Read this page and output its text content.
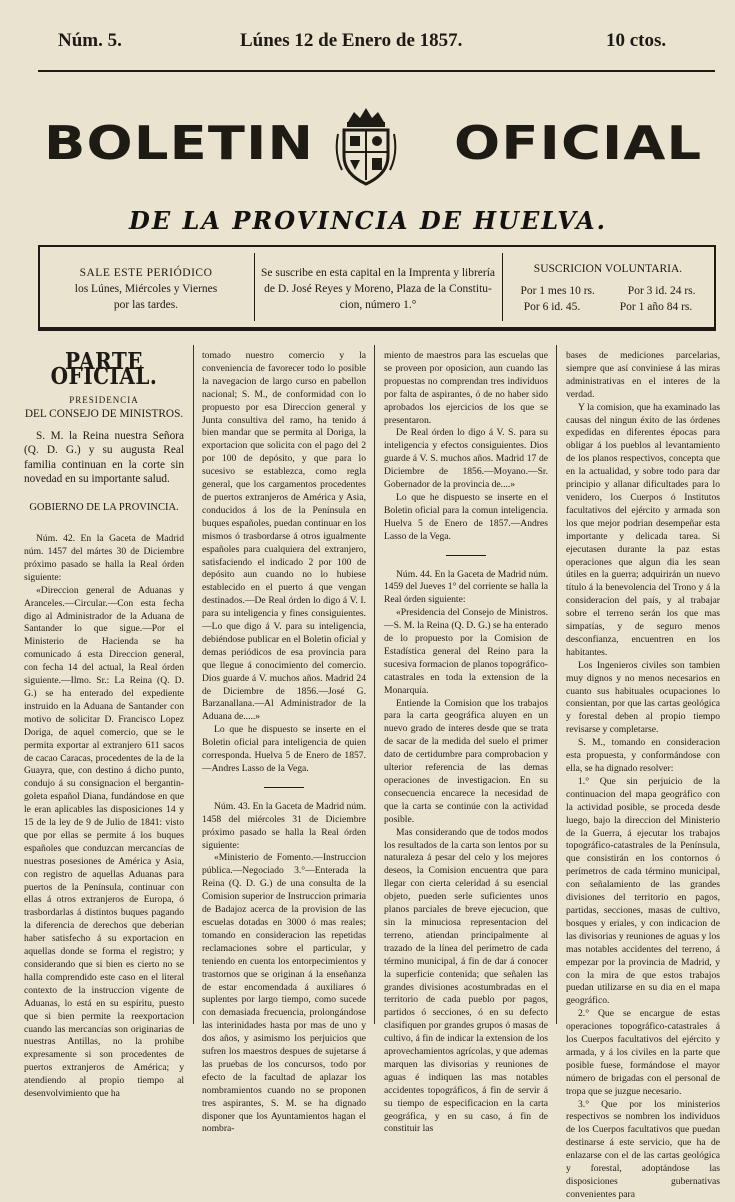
Núm. 5.	Lúnes 12 de Enero de 1857.	10 ctos.
BOLETIN	OFICIAL
DE LA PROVINCIA DE HUELVA.
SALE ESTE PERIÓDICO
los Lúnes, Miércoles y Viernes
por las tardes.
Se suscribe en esta capital en la Imprenta y librería
de D. José Reyes y Moreno, Plaza de la Constitu-
cion, número 1.°
SUSCRICION VOLUNTARIA.
Por 1 mes 10 rs.	Por 3 id. 24 rs.
Por 6 id. 45.	Por 1 año 84 rs.
PARTE OFICIAL.
PRESIDENCIA
DEL CONSEJO DE MINISTROS.

S. M. la Reina nuestra Señora (Q. D. G.) y su augusta Real familia continuan en la corte sin novedad en su importante salud.

GOBIERNO DE LA PROVINCIA.

Núm. 42. En la Gaceta de Madrid núm. 1457 del mártes 30 de Diciembre próximo pasado se halla la Real órden siguiente:

«Direccion general de Aduanas y Aranceles.—Circular.—Con esta fecha digo al Administrador de la Aduana de Santander lo que sigue.—Por el Ministerio de Hacienda se ha comunicado á esta Direccion general, con fecha 14 del actual, la Real órden siguiente.—Ilmo. Sr.: La Reina (Q. D. G.) se ha enterado del expediente instruido en la Aduana de Santander con motivo de solicitar D. Francisco Lopez Doriga, de aquel comercio, que se le permita exportar al extranjero 611 sacos de cacao Caracas, procedentes de la de la Guayra, que, con destino á dicho punto, condujo á su consignacion el bergantin-goleta español Diana, fundándose en que le eran aplicables las disposiciones 14 y 15 de la ley de 9 de Julio de 1841: visto que por ellas se permite á los buques españoles que conduzcan mercancías de nuestras posesiones de América y Asia, con registro de aquellas Aduanas para puertos de la Península, continuar con ellas á otros extranjeros de Europa, ó trasbordarlas á distintos buques pagando la diferencia de derechos que deberian haber satisfecho á su exportacion en aquellas donde se forma el registro; y considerando que si bien es cierto no se halla comprendido este caso en el literal contexto de la instruccion vigente de Aduanas, lo está en su espíritu, puesto que si bien permite la reexportacion cuando las mercancías son originarias de nuestras Antillas, no la prohibe expresamente si son procedentes de puertos extranjeros de América; y atendiendo al propio tiempo al desenvolvimiento que ha

tomado nuestro comercio y la conveniencia de favorecer todo lo posible la navegacion de largo curso en pabellon nacional; S. M., de conformidad con lo propuesto por esa Direccion general y Junta consultiva del ramo, ha tenido á bien mandar que se permita al Doriga, la exportacion que solicita con el pago del 2 por 100 de depósito, y que para lo sucesivo se establezca, como regla general, que los cargamentos procedentes de puertos extranjeros de América y Asia, conducidos á los de la Península en buques españoles, puedan continuar en los mismos ó trasbordarse á otros igualmente españoles para cualquiera del extranjero, satisfaciendo el indicado 2 por 100 de depósito aun cuando no lo hubiese establecido en el puerto á que vengan destinados.—De Real órden lo digo á V. I. para su inteligencia y fines consiguientes.—Lo que digo á V. para su inteligencia, debiéndose publicar en el Boletin oficial y demas periódicos de esa provincia para que llegue á conocimiento del comercio. Dios guarde á V. muchos años. Madrid 24 de Diciembre de 1856.—José G. Barzanallana.—Al Administrador de la Aduana de.....»

Lo que he dispuesto se inserte en el Boletin oficial para inteligencia de quien corresponda. Huelva 5 de Enero de 1857.—Andres Lasso de la Vega.

Núm. 43. En la Gaceta de Madrid núm. 1458 del miércoles 31 de Diciembre próximo pasado se halla la Real órden siguiente:

«Ministerio de Fomento.—Instruccion pública.—Negociado 3.°—Enterada la Reina (Q. D. G.) de una consulta de la Comision superior de Instruccion primaria de Badajoz acerca de la provision de las escuelas dotadas en 3000 ó mas reales; tomando en consideracion las repetidas reclamaciones sobre el particular, y teniendo en cuenta los entorpecimientos y trastornos que se originan á la enseñanza de estar encomendada á auxiliares ó suplentes por largo tiempo, como sucede con demasiada frecuencia, prolongándose las interinidades hasta por mas de uno y dos años, y asimismo los perjuicios que sufren los maestros despues de sujetarse á las pruebas de los concursos, todo por efecto de la facultad de aplazar los nombramientos cuando no se proponen tres aspirantes, S. M. se ha dignado disponer que los Ayuntamientos hagan el nombra-

miento de maestros para las escuelas que se proveen por oposicion, aun cuando las propuestas no comprendan tres individuos por falta de aspirantes, ó de no haber sido aprobados los ejercicios de los que se presentaron.

De Real órden lo digo á V. S. para su inteligencia y efectos consiguientes. Dios guarde á V. S. muchos años. Madrid 17 de Diciembre de 1856.—Moyano.—Sr. Gobernador de la provincia de....»

Lo que he dispuesto se inserte en el Boletin oficial para la comun inteligencia. Huelva 5 de Enero de 1857.—Andres Lasso de la Vega.

Núm. 44. En la Gaceta de Madrid núm. 1459 del Jueves 1° del corriente se halla la Real órden siguiente:

«Presidencia del Consejo de Ministros.—S. M. la Reina (Q. D. G.) se ha enterado de lo propuesto por la Comision de Estadística general del Reino para la sucesiva formacion de planos topográfico-catastrales en toda la extension de la Monarquía.

Entiende la Comision que los trabajos para la carta geográfica aluyen en un nuevo grado de interes desde que se trata de sacar de la medida del suelo el primer dato de certidumbre para comprobacion y ulterior referencia de las demas operaciones de investigacion. En su consecuencia encarece la necesidad de que la carta se continúe con la actividad posible.

Mas considerando que de todos modos los resultados de la carta son lentos por su naturaleza á pesar del celo y los mejores deseos, la Comision encuentra que para llegar con cierta celeridad á su esencial objeto, pueden serle suficientes unos planos parciales de breve ejecucion, que sin la minuciosa representacion del terreno, atiendan principalmente al trazado de la línea del perímetro de cada término municipal, á fin de dar á conocer la superficie contenida; que señalen las grandes divisiones acostumbradas en el territorio de cada pueblo por pagos, partidos ó secciones, ó en su defecto clasifiquen por grandes grupos ó masas de cultivo, á fin de indicar la extension de los aprovechamientos agrícolas, y que ademas marquen las divisorias y reuniones de aguas é indiquen las mas notables accidentes topográficos, á fin de servir á su tiempo de especificacion en la carta geográfica, y en su caso, á fin de constituir las

bases de mediciones parcelarias, siempre que así conviniese á las miras administrativas en el interes de la verdad.

Y la comision, que ha examinado las causas del ningun éxito de las órdenes expedidas en diferentes épocas para obligar á los pueblos al levantamiento de los planos respectivos, concepta que en la actualidad, y sobre todo para dar principio y allanar dificultades para lo venidero, los Cuerpos ó Institutos facultativos del ejército y armada son los que mejor podrian desempeñar esta importante y delicada tarea. Si ejecutasen durante la paz estas operaciones que algun dia les sean útiles en la guerra; adquirirán un nuevo título á la benevolencia del Trono y á la consideracion del país, y al trabajar sobre el terreno serán los que mas simpatías, y de seguro menos desconfianza, encuentren en los habitantes.

Los Ingenieros civiles son tambien muy dignos y no menos necesarios en cuanto sus habituales ocupaciones lo consientan, por que las cartas geológica y forestal deben al propio tiempo revisarse y completarse.

S. M., tomando en consideracion esta propuesta, y conformándose con ella, se ha dignado resolver:

1.° Que sin perjuicio de la continuacion del mapa geográfico con la actividad posible, se proceda desde luego, bajo la direccion del Ministerio de la Guerra, á ejecutar los trabajos topográfico-catastrales de la Península, que consistirán en los contornos ó perímetros de cada término municipal, con señalamiento de las grandes divisiones del territorio en pagos, partidas, secciones, masas de cultivo, bosques y eriales, y con indicacion de las divisorias y reuniones de aguas y los mas notables accidentes del terreno, á empezar por la provincia de Madrid, y con la mira de que estos trabajos puedan utilizarse en su dia en el mapa geográfico.

2.° Que se encargue de estas operaciones topográfico-catastrales á los Cuerpos facultativos del ejército y armada, y á los civiles en la parte que posible fuese, formándose el mayor número de brigadas con el personal de tropa que se juzgue necesario.

3.° Que por los ministerios respectivos se nombren los individuos de los Cuerpos facultativos que puedan destinarse á este servicio, que ha de enlazarse con el de las cartas geológica y forestal, adoptándose las disposiciones gubernativas convenientes para
